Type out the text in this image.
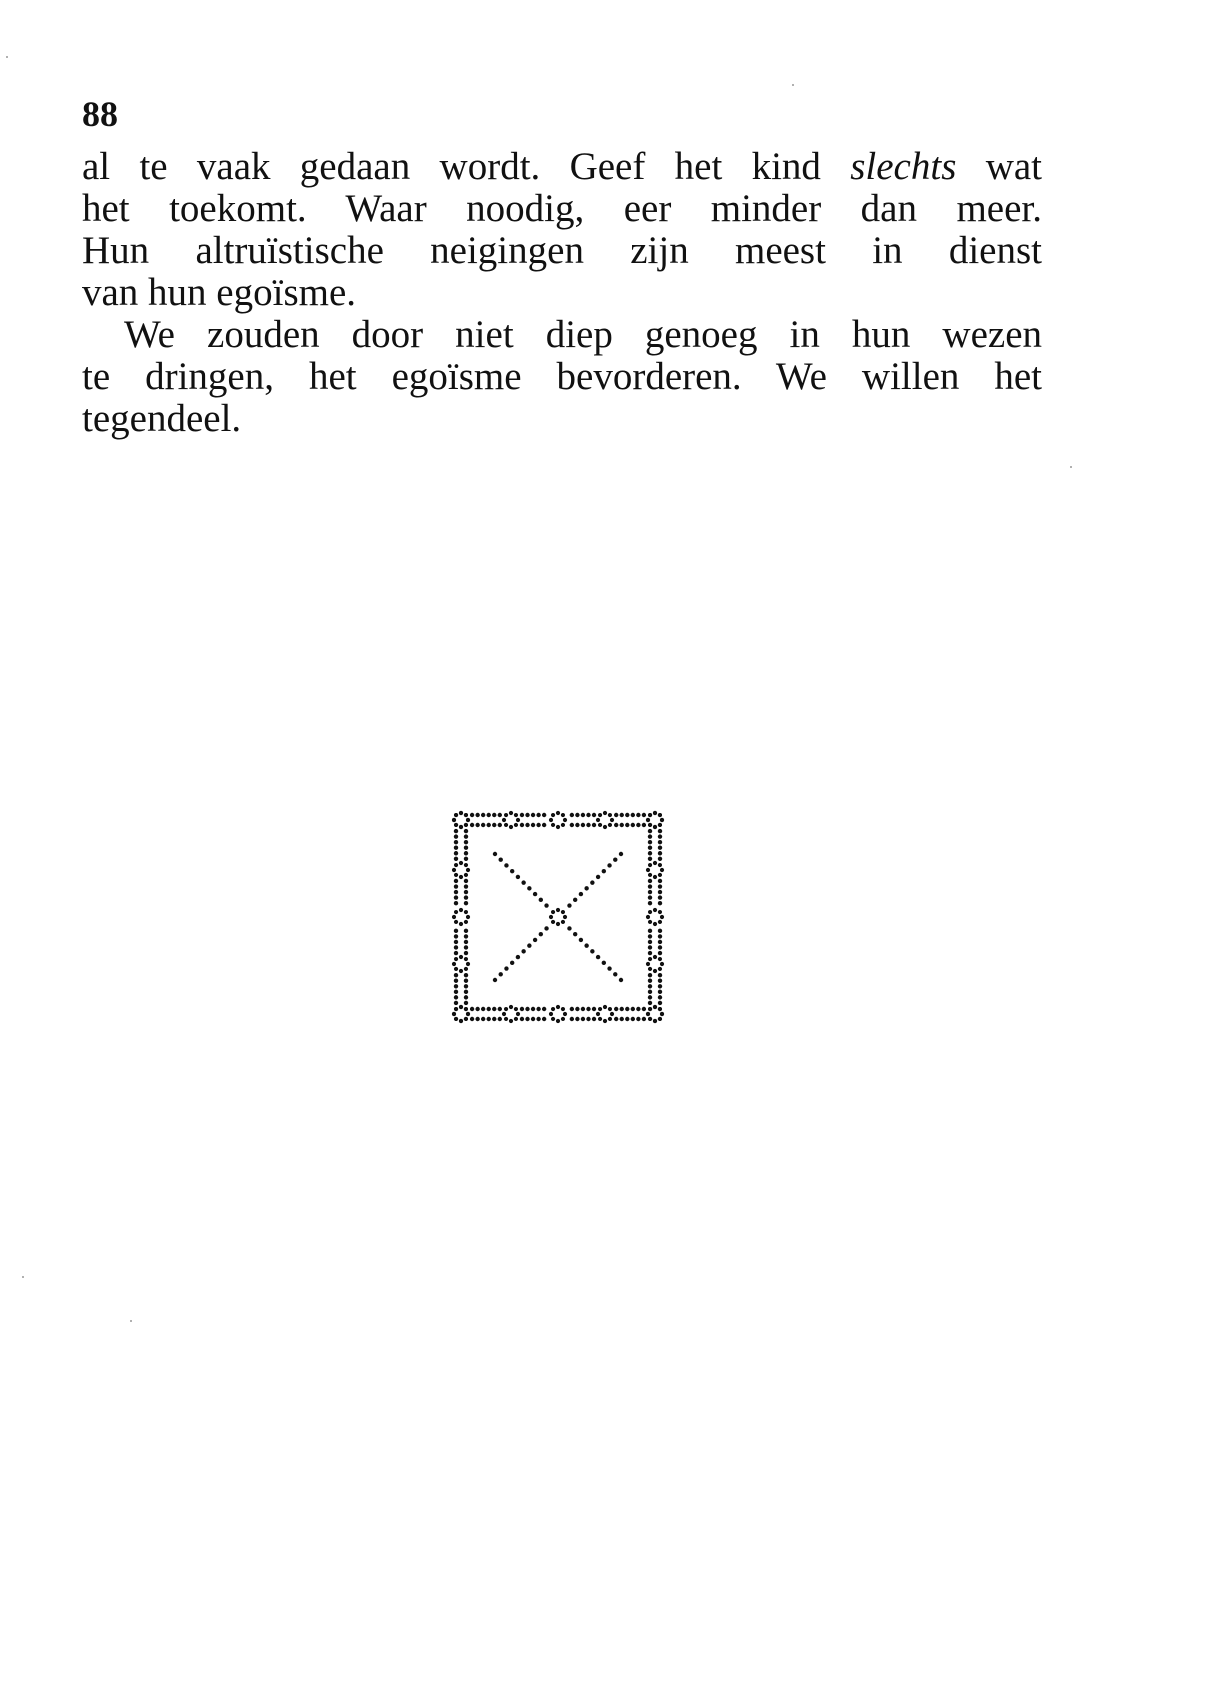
88
al te vaak gedaan wordt. Geef het kind slechts wat
het toekomt. Waar noodig, eer minder dan meer.
Hun altruïstische neigingen zijn meest in dienst
van hun egoïsme.
We zouden door niet diep genoeg in hun wezen
te dringen, het egoïsme bevorderen. We willen het
tegendeel.
